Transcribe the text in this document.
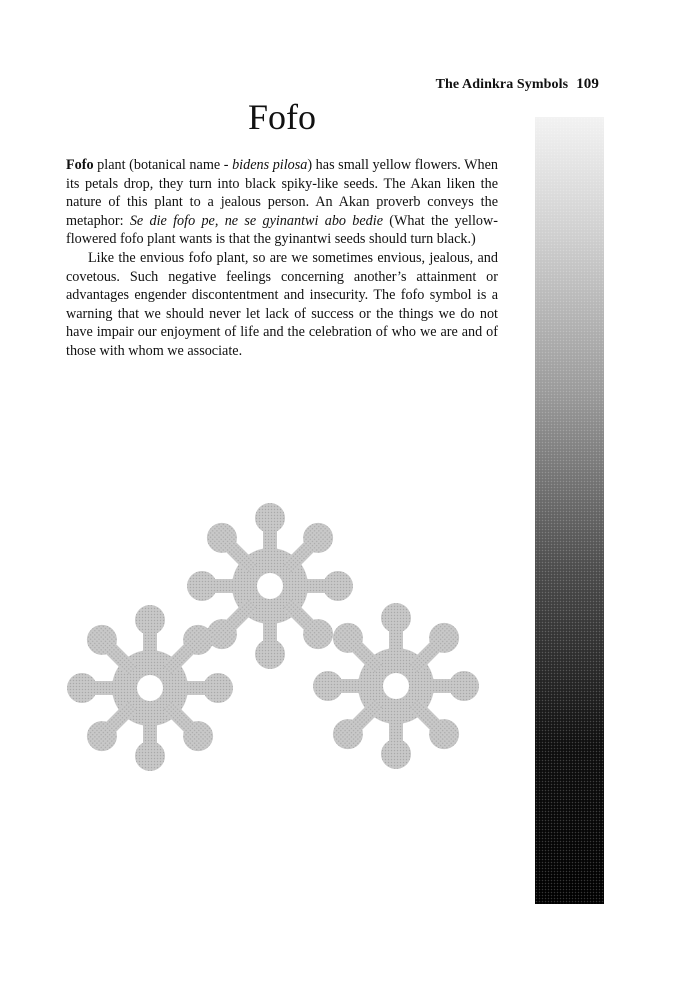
The Adinkra Symbols 109
Fofo

Fofo plant (botanical name - bidens pilosa) has small yellow flowers. When its petals drop, they turn into black spiky-like seeds. The Akan liken the nature of this plant to a jealous person. An Akan proverb conveys the metaphor: Se die fofo pe, ne se gyinantwi abo bedie (What the yellow-flowered fofo plant wants is that the gyinantwi seeds should turn black.)

Like the envious fofo plant, so are we sometimes envious, jealous, and covetous. Such negative feelings concerning another’s attainment or advantages engender discontentment and insecurity. The fofo symbol is a warning that we should never let lack of success or the things we do not have impair our enjoyment of life and the celebration of who we are and of those with whom we associate.
